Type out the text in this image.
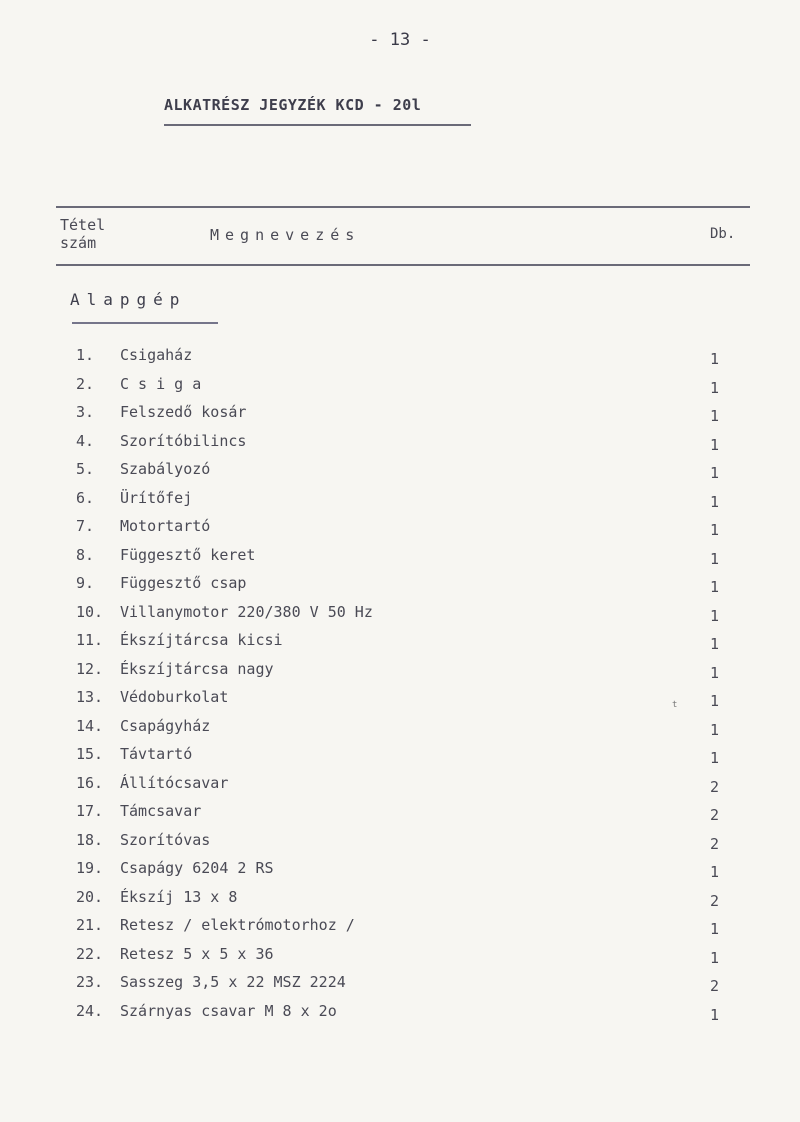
- 13 -
ALKATRÉSZ JEGYZÉK KCD - 20l
Tétel
szám	Megnevezés	Db.
Alapgép
1. Csigaház	1
2. C s i g a	1
3. Felszedő kosár	1
4. Szorítóbilincs	1
5. Szabályozó	1
6. Ürítőfej	1
7. Motortartó	1
8. Függesztő keret	1
9. Függesztő csap	1
10. Villanymotor 220/380 V 50 Hz	1
11. Ékszíjtárcsa kicsi	1
12. Ékszíjtárcsa nagy	1
13. Védoburkolat	1
14. Csapágyház	1
15. Távtartó	1
16. Állítócsavar	2
17. Támcsavar	2
18. Szorítóvas	2
19. Csapágy 6204 2 RS	1
20. Ékszíj 13 x 8	2
21. Retesz / elektrómotorhoz /	1
22. Retesz 5 x 5 x 36	1
23. Sasszeg 3,5 x 22 MSZ 2224	2
24. Szárnyas csavar M 8 x 2o	1
t
